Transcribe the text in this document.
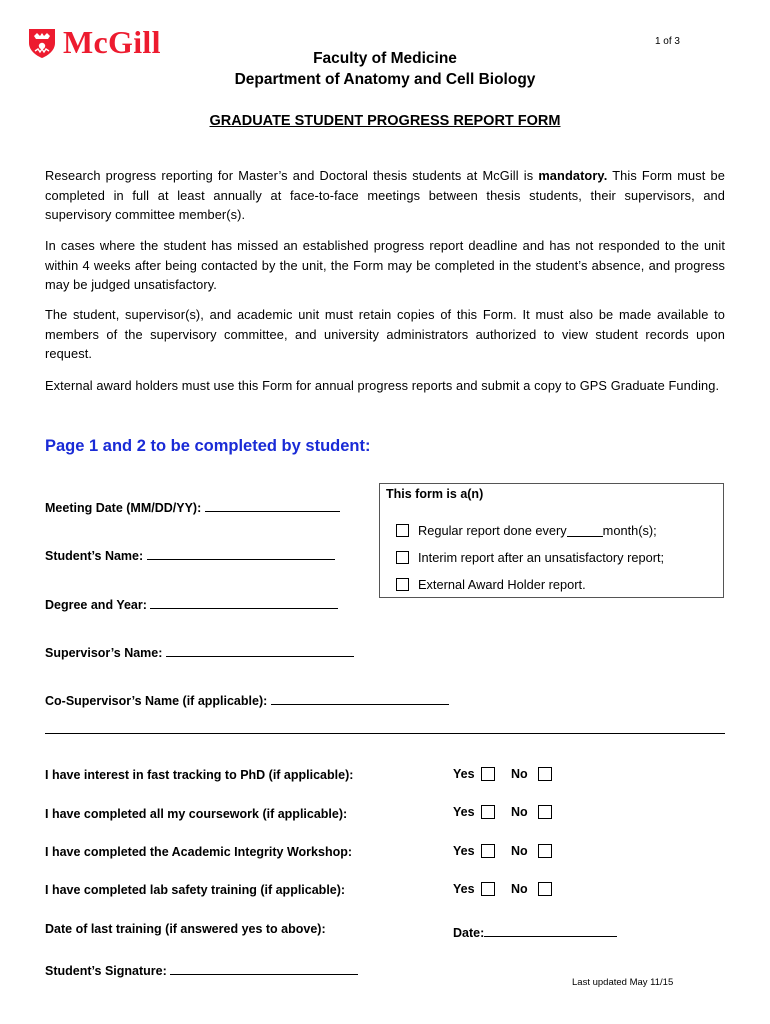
McGill	1 of 3
Faculty of Medicine
Department of Anatomy and Cell Biology
GRADUATE STUDENT PROGRESS REPORT FORM
Research progress reporting for Master’s and Doctoral thesis students at McGill is mandatory. This Form must be completed in full at least annually at face-to-face meetings between thesis students, their supervisors, and supervisory committee member(s).
In cases where the student has missed an established progress report deadline and has not responded to the unit within 4 weeks after being contacted by the unit, the Form may be completed in the student’s absence, and progress may be judged unsatisfactory.
The student, supervisor(s), and academic unit must retain copies of this Form. It must also be made available to members of the supervisory committee, and university administrators authorized to view student records upon request.
External award holders must use this Form for annual progress reports and submit a copy to GPS Graduate Funding.
Page 1 and 2 to be completed by student:
Meeting Date (MM/DD/YY):
Student’s Name:
Degree and Year:
Supervisor’s Name:
Co-Supervisor’s Name (if applicable):
This form is a(n)
Regular report done every	month(s);
Interim report after an unsatisfactory report;
External Award Holder report.
I have interest in fast tracking to PhD (if applicable):	Yes	No
I have completed all my coursework (if applicable):	Yes	No
I have completed the Academic Integrity Workshop:	Yes	No
I have completed lab safety training (if applicable):	Yes	No
Date of last training (if answered yes to above):	Date:
Student’s Signature:
Last updated May 11/15
